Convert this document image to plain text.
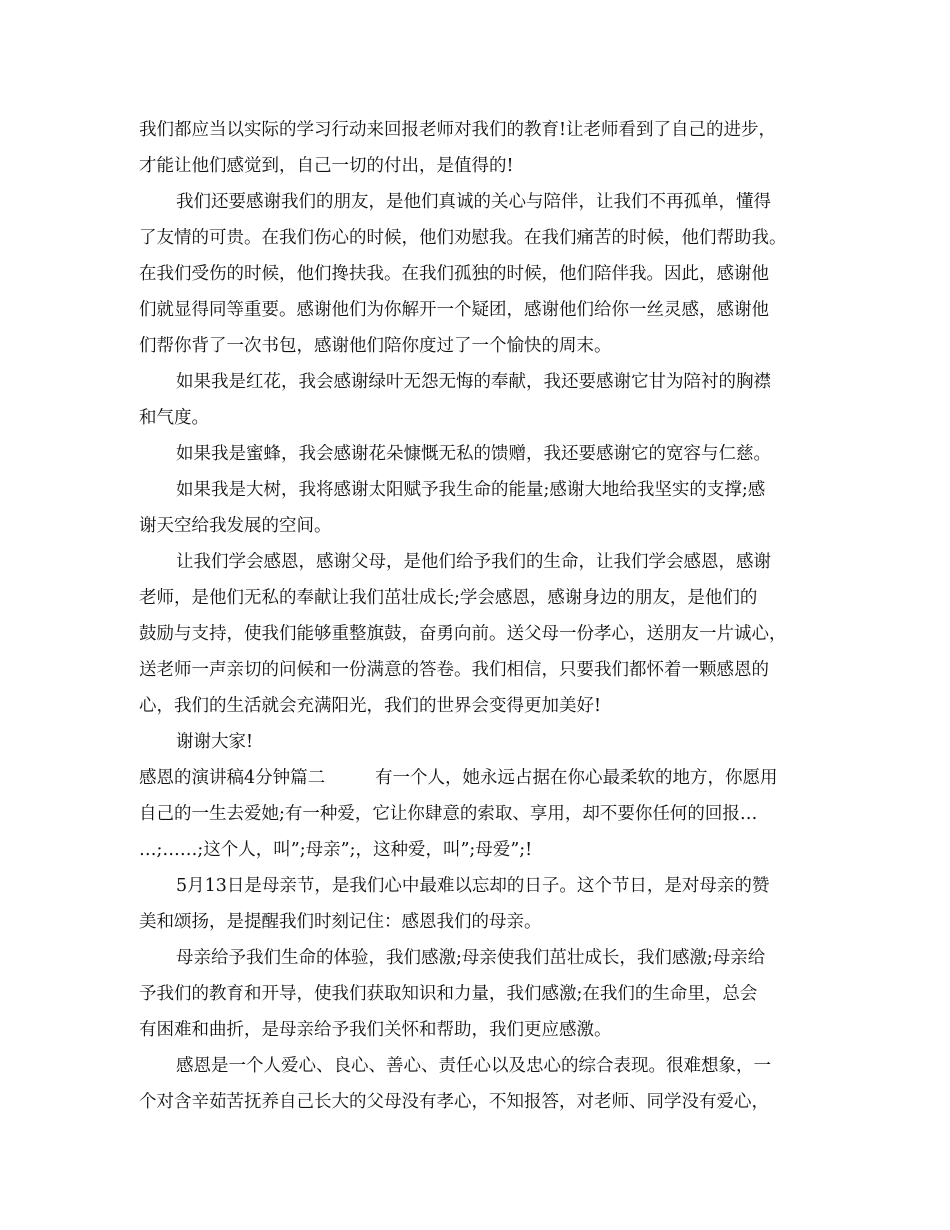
我们都应当以实际的学习行动来回报老师对我们的教育!让老师看到了自己的进步，
才能让他们感觉到，自己一切的付出，是值得的!
我们还要感谢我们的朋友，是他们真诚的关心与陪伴，让我们不再孤单，懂得
了友情的可贵。在我们伤心的时候，他们劝慰我。在我们痛苦的时候，他们帮助我。
在我们受伤的时候，他们搀扶我。在我们孤独的时候，他们陪伴我。因此，感谢他
们就显得同等重要。感谢他们为你解开一个疑团，感谢他们给你一丝灵感，感谢他
们帮你背了一次书包，感谢他们陪你度过了一个愉快的周末。
如果我是红花，我会感谢绿叶无怨无悔的奉献，我还要感谢它甘为陪衬的胸襟
和气度。
如果我是蜜蜂，我会感谢花朵慷慨无私的馈赠，我还要感谢它的宽容与仁慈。
如果我是大树，我将感谢太阳赋予我生命的能量;感谢大地给我坚实的支撑;感
谢天空给我发展的空间。
让我们学会感恩，感谢父母，是他们给予我们的生命，让我们学会感恩，感谢
老师，是他们无私的奉献让我们茁壮成长;学会感恩，感谢身边的朋友，是他们的
鼓励与支持，使我们能够重整旗鼓，奋勇向前。送父母一份孝心，送朋友一片诚心，
送老师一声亲切的问候和一份满意的答卷。我们相信，只要我们都怀着一颗感恩的
心，我们的生活就会充满阳光，我们的世界会变得更加美好!
谢谢大家!
感恩的演讲稿4分钟篇二	有一个人，她永远占据在你心最柔软的地方，你愿用
自己的一生去爱她;有一种爱，它让你肆意的索取、享用，却不要你任何的回报…
…;……;这个人，叫”;母亲”;，这种爱，叫”;母爱”;!
5月13日是母亲节，是我们心中最难以忘却的日子。这个节日，是对母亲的赞
美和颂扬，是提醒我们时刻记住：感恩我们的母亲。
母亲给予我们生命的体验，我们感激;母亲使我们茁壮成长，我们感激;母亲给
予我们的教育和开导，使我们获取知识和力量，我们感激;在我们的生命里，总会
有困难和曲折，是母亲给予我们关怀和帮助，我们更应感激。
感恩是一个人爱心、良心、善心、责任心以及忠心的综合表现。很难想象，一
个对含辛茹苦抚养自己长大的父母没有孝心，不知报答，对老师、同学没有爱心，
